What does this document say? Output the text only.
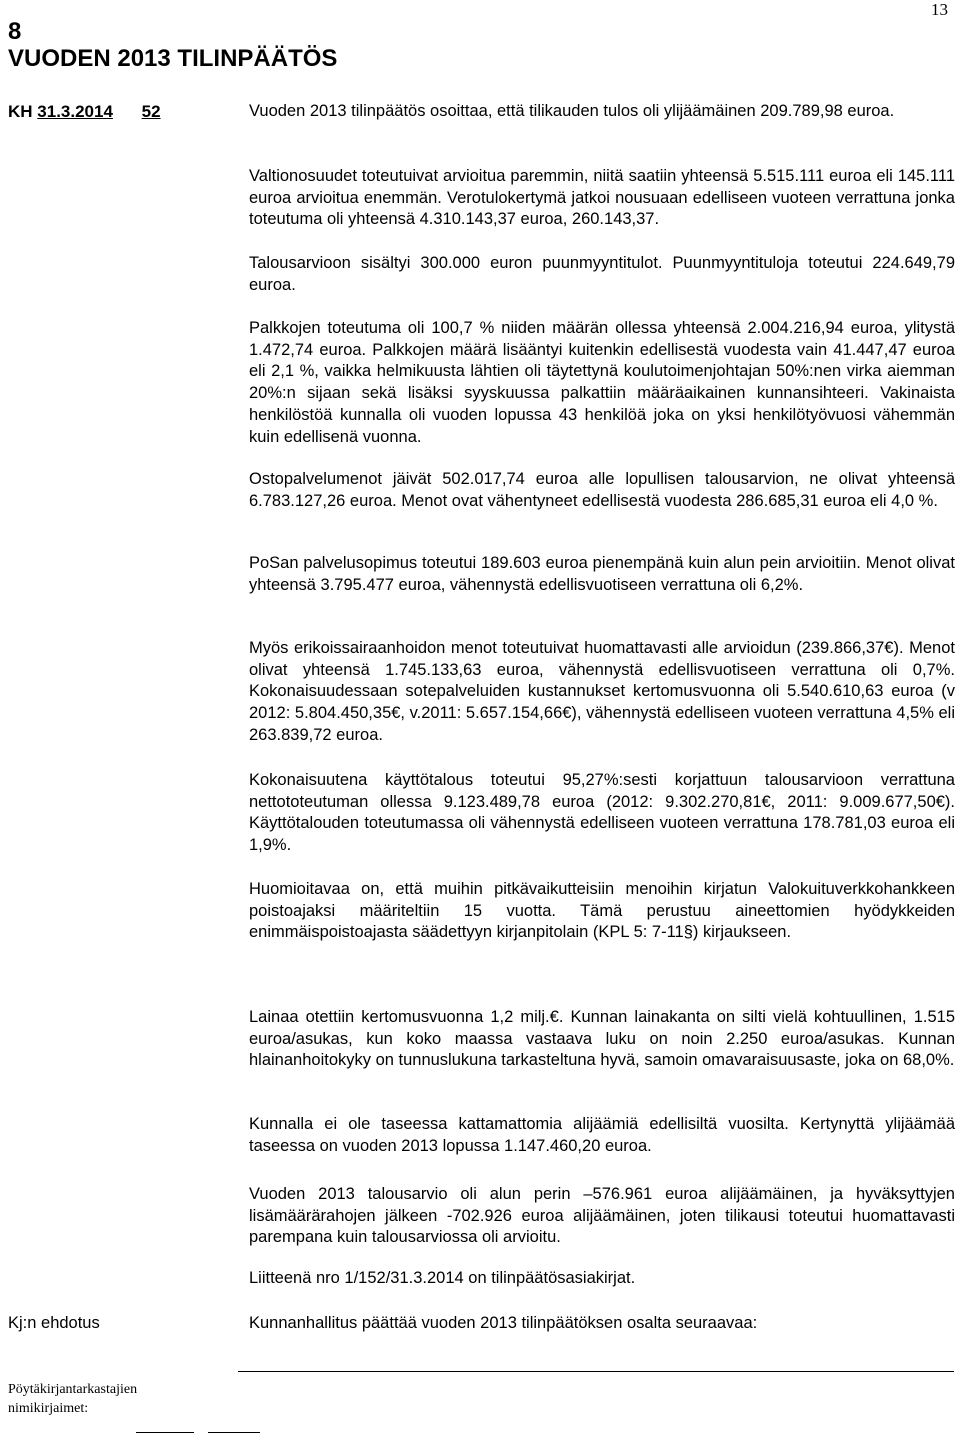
13
8
VUODEN 2013 TILINPÄÄTÖS
KH 31.3.2014 52	Vuoden 2013 tilinpäätös osoittaa, että tilikauden tulos oli ylijäämäinen 209.789,98 euroa.

Valtionosuudet toteutuivat arvioitua paremmin, niitä saatiin yhteensä 5.515.111 euroa eli 145.111 euroa arvioitua enemmän. Verotulokertymä jatkoi nousuaan edelliseen vuoteen verrattuna jonka toteutuma oli yhteensä 4.310.143,37 euroa, 260.143,37.

Talousarvioon sisältyi 300.000 euron puunmyyntitulot. Puunmyyntituloja toteutui 224.649,79 euroa.

Palkkojen toteutuma oli 100,7 % niiden määrän ollessa yhteensä 2.004.216,94 euroa, ylitystä 1.472,74 euroa. Palkkojen määrä lisääntyi kuitenkin edellisestä vuodesta vain 41.447,47 euroa eli 2,1 %, vaikka helmikuusta lähtien oli täytettynä koulutoimenjohtajan 50%:nen virka aiemman 20%:n sijaan sekä lisäksi syyskuussa palkattiin määräaikainen kunnansihteeri. Vakinaista henkilöstöä kunnalla oli vuoden lopussa 43 henkilöä joka on yksi henkilötyövuosi vähemmän kuin edellisenä vuonna.

Ostopalvelumenot jäivät 502.017,74 euroa alle lopullisen talousarvion, ne olivat yhteensä 6.783.127,26 euroa. Menot ovat vähentyneet edellisestä vuodesta 286.685,31 euroa eli 4,0 %.

PoSan palvelusopimus toteutui 189.603 euroa pienempänä kuin alun pein arvioitiin. Menot olivat yhteensä 3.795.477 euroa, vähennystä edellisvuotiseen verrattuna oli 6,2%.

Myös erikoissairaanhoidon menot toteutuivat huomattavasti alle arvioidun (239.866,37€). Menot olivat yhteensä 1.745.133,63 euroa, vähennystä edellisvuotiseen verrattuna oli 0,7%. Kokonaisuudessaan sotepalveluiden kustannukset kertomusvuonna oli 5.540.610,63 euroa (v 2012: 5.804.450,35€, v.2011: 5.657.154,66€), vähennystä edelliseen vuoteen verrattuna 4,5% eli 263.839,72 euroa.

Kokonaisuutena käyttötalous toteutui 95,27%:sesti korjattuun talousarvioon verrattuna nettototeutuman ollessa 9.123.489,78 euroa (2012: 9.302.270,81€, 2011: 9.009.677,50€). Käyttötalouden toteutumassa oli vähennystä edelliseen vuoteen verrattuna 178.781,03 euroa eli 1,9%.

Huomioitavaa on, että muihin pitkävaikutteisiin menoihin kirjatun Valokuituverkkohankkeen poistoajaksi määriteltiin 15 vuotta. Tämä perustuu aineettomien hyödykkeiden enimmäispoistoajasta säädettyyn kirjanpitolain (KPL 5: 7-11§) kirjaukseen.

Lainaa otettiin kertomusvuonna 1,2 milj.€. Kunnan lainakanta on silti vielä kohtuullinen, 1.515 euroa/asukas, kun koko maassa vastaava luku on noin 2.250 euroa/asukas. Kunnan hlainanhoitokyky on tunnuslukuna tarkasteltuna hyvä, samoin omavaraisuusaste, joka on 68,0%.

Kunnalla ei ole taseessa kattamattomia alijäämiä edellisiltä vuosilta. Kertynyttä ylijäämää taseessa on vuoden 2013 lopussa 1.147.460,20 euroa.

Vuoden 2013 talousarvio oli alun perin –576.961 euroa alijäämäinen, ja hyväksyttyjen lisämäärärahojen jälkeen -702.926 euroa alijäämäinen, joten tilikausi toteutui huomattavasti parempana kuin talousarviossa oli arvioitu.

Liitteenä nro 1/152/31.3.2014 on tilinpäätösasiakirjat.

Kj:n ehdotus	Kunnanhallitus päättää vuoden 2013 tilinpäätöksen osalta seuraavaa:
Pöytäkirjantarkastajien
nimikirjaimet:
